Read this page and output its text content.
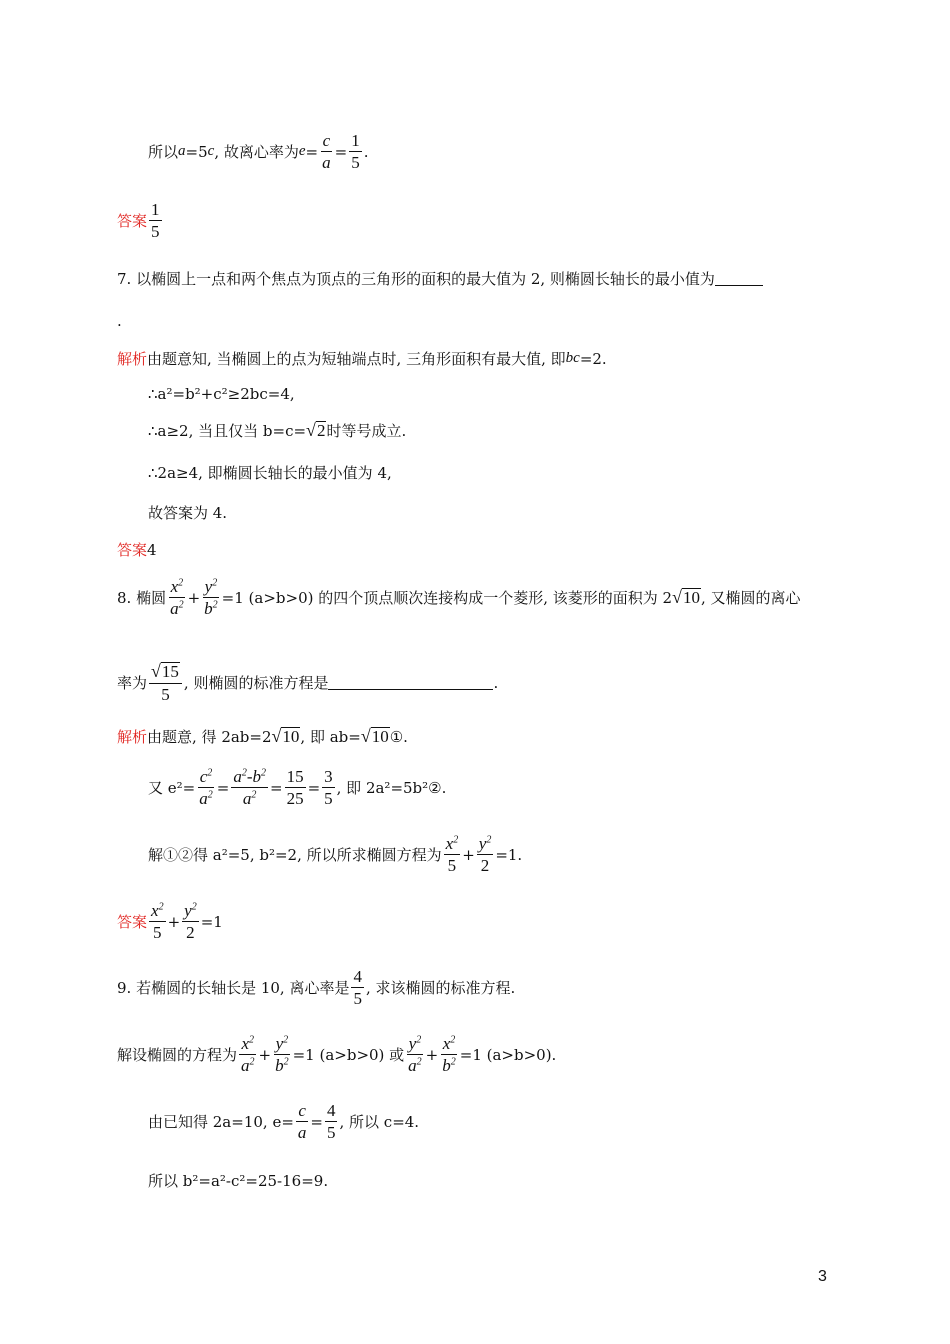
所以 a =5 c , 故离心率为 $e = \frac{c}{a} = \frac{1}{5}$ .
答案 $\frac{1}{5}$
7. 以椭圆上一点和两个焦点为顶点的三角形的面积的最大值为 2, 则椭圆长轴长的最小值为
.
解析 由题意知, 当椭圆上的点为短轴端点时, 三角形面积有最大值, 即 bc =2.
∴a²=b²+c²≥2bc=4,
∴a≥2, 当且仅当 b=c= √ 2 时等号成立.
∴2a≥4, 即椭圆长轴长的最小值为 4,
故答案为 4.
答案 4
8. 椭圆 $\frac{x^2}{a^2} + \frac{y^2}{b^2} =1$ (a>b>0) 的四个顶点顺次连接构成一个菱形, 该菱形的面积为 2 √ 10 , 又椭圆的离心
率为 $\frac{√ 15}{5}$ , 则椭圆的标准方程是	.
解析 由题意, 得 2ab=2 √ 10 , 即 ab= √ 10 ①.
又 $e^2= \frac{c^2}{a^2} = \frac{a^2-b^2}{a^2} = \frac{15}{25} = \frac{3}{5}$ , 即 2a²=5b²②.
解①②得 a²=5, b²=2, 所以所求椭圆方程为 $\frac{x^2}{5} + \frac{y^2}{2} =1$.
答案 $\frac{x^2}{5} + \frac{y^2}{2} =1$
9. 若椭圆的长轴长是 10, 离心率是 $\frac{4}{5}$ , 求该椭圆的标准方程.
解设椭圆的方程为 $\frac{x^2}{a^2} + \frac{y^2}{b^2} =1$ (a>b>0) 或 $\frac{y^2}{a^2} + \frac{x^2}{b^2} =1$ (a>b>0).
由已知得 2a=10, $e= \frac{c}{a} = \frac{4}{5}$ , 所以 c=4.
所以 b²=a²-c²=25-16=9.
3
